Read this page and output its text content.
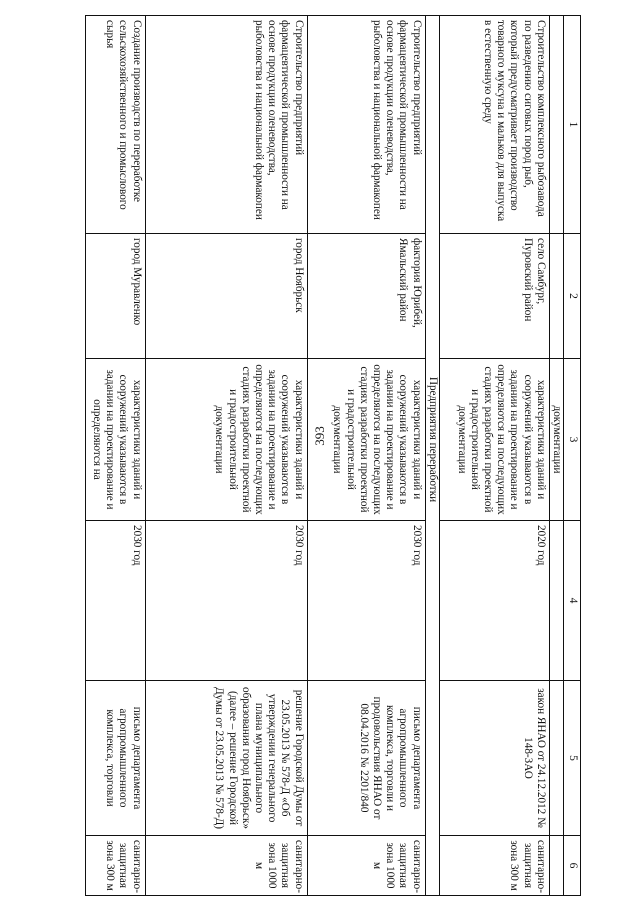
393
1	2	3	4	5	6
		документации			
Строительство комплексного рыбозавода по разведению сиговых пород рыб, который предусматривает производство товарного муксуна и мальков для выпуска в естественную среду	село Самбург, Пуровский район	характеристики зданий и сооружений указываются в задании на проектирование и определяются на последующих стадиях разработки проектной и градостроительной документации	2020 год	закон ЯНАО от 24.12.2012 № 148-ЗАО	санитарно-защитная зона 300 м
		Предприятия переработки			
Строительство предприятий фармацевтической промышленности на основе продукции оленеводства, рыболовства и национальной фармакопеи	фактория Юрибей, Ямальский район	характеристики зданий и сооружений указываются в задании на проектирование и определяются на последующих стадиях разработки проектной и градостроительной документации	2030 год	письмо департамента агропромышленного комплекса, торговли и продовольствия ЯНАО от 08.04.2016 № 2201/840	санитарно-защитная зона 1000 м
Строительство предприятий фармацевтической промышленности на основе продукции оленеводства, рыболовства и национальной фармакопеи	город Ноябрьск	характеристики зданий и сооружений указываются в задании на проектирование и определяются на последующих стадиях разработки проектной и градостроительной документации	2030 год	решение Городской Думы от 23.05.2013 № 578-Д «Об утверждении генерального плана муниципального образования город Ноябрьск» (далее – решение Городской Думы от 23.05.2013 № 578-Д)	санитарно-защитная зона 1000 м
Создание производств по переработке сельскохозяйственного и промыслового сырья	город Муравленко	характеристики зданий и сооружений указываются в задании на проектирование и определяются на	2030 год	письмо департамента агропромышленного комплекса, торговли	санитарно-защитная зона 300 м
